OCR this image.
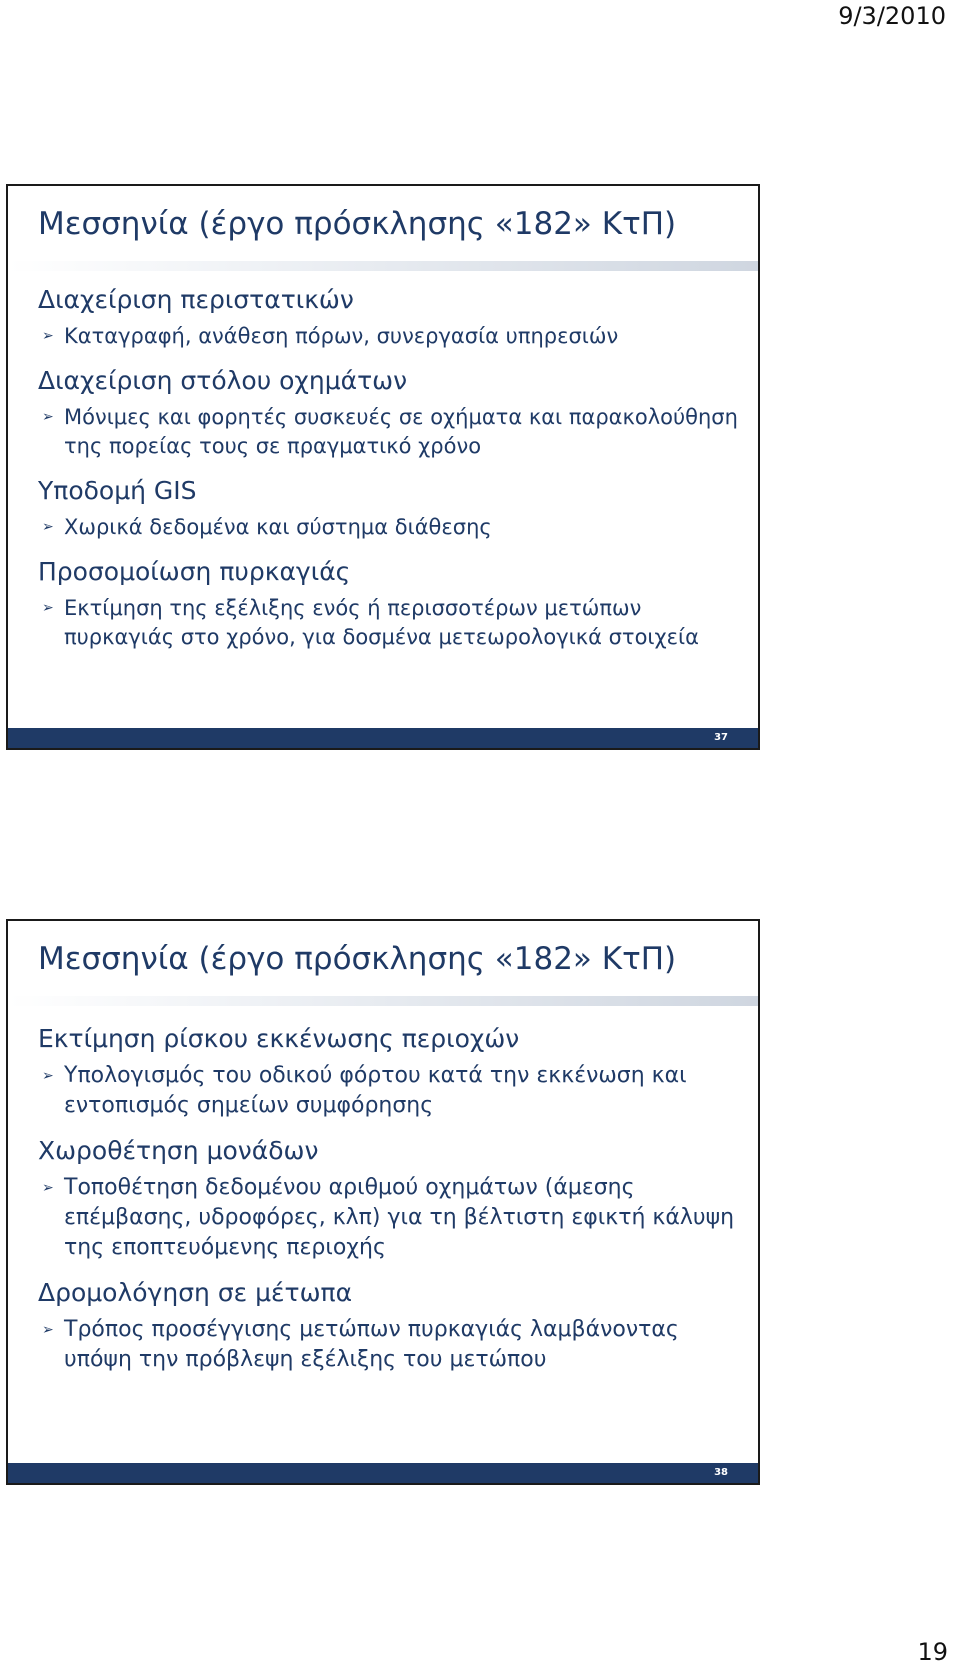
9/3/2010
Μεσσηνία (έργο πρόσκλησης «182» ΚτΠ)

Διαχείριση περιστατικών

➢ Καταγραφή, ανάθεση πόρων, συνεργασία υπηρεσιών

Διαχείριση στόλου οχημάτων

➢ Μόνιμες και φορητές συσκευές σε οχήματα και παρακολούθηση της πορείας τους σε πραγματικό χρόνο

Υποδομή GIS

➢ Χωρικά δεδομένα και σύστημα διάθεσης

Προσομοίωση πυρκαγιάς

➢ Εκτίμηση της εξέλιξης ενός ή περισσοτέρων μετώπων πυρκαγιάς στο χρόνο, για δοσμένα μετεωρολογικά στοιχεία
37
Μεσσηνία (έργο πρόσκλησης «182» ΚτΠ)

Εκτίμηση ρίσκου εκκένωσης περιοχών

➢ Υπολογισμός του οδικού φόρτου κατά την εκκένωση και εντοπισμός σημείων συμφόρησης

Χωροθέτηση μονάδων

➢ Τοποθέτηση δεδομένου αριθμού οχημάτων (άμεσης επέμβασης, υδροφόρες, κλπ) για τη βέλτιστη εφικτή κάλυψη της εποπτευόμενης περιοχής

Δρομολόγηση σε μέτωπα

➢ Τρόπος προσέγγισης μετώπων πυρκαγιάς λαμβάνοντας υπόψη την πρόβλεψη εξέλιξης του μετώπου
38
19
